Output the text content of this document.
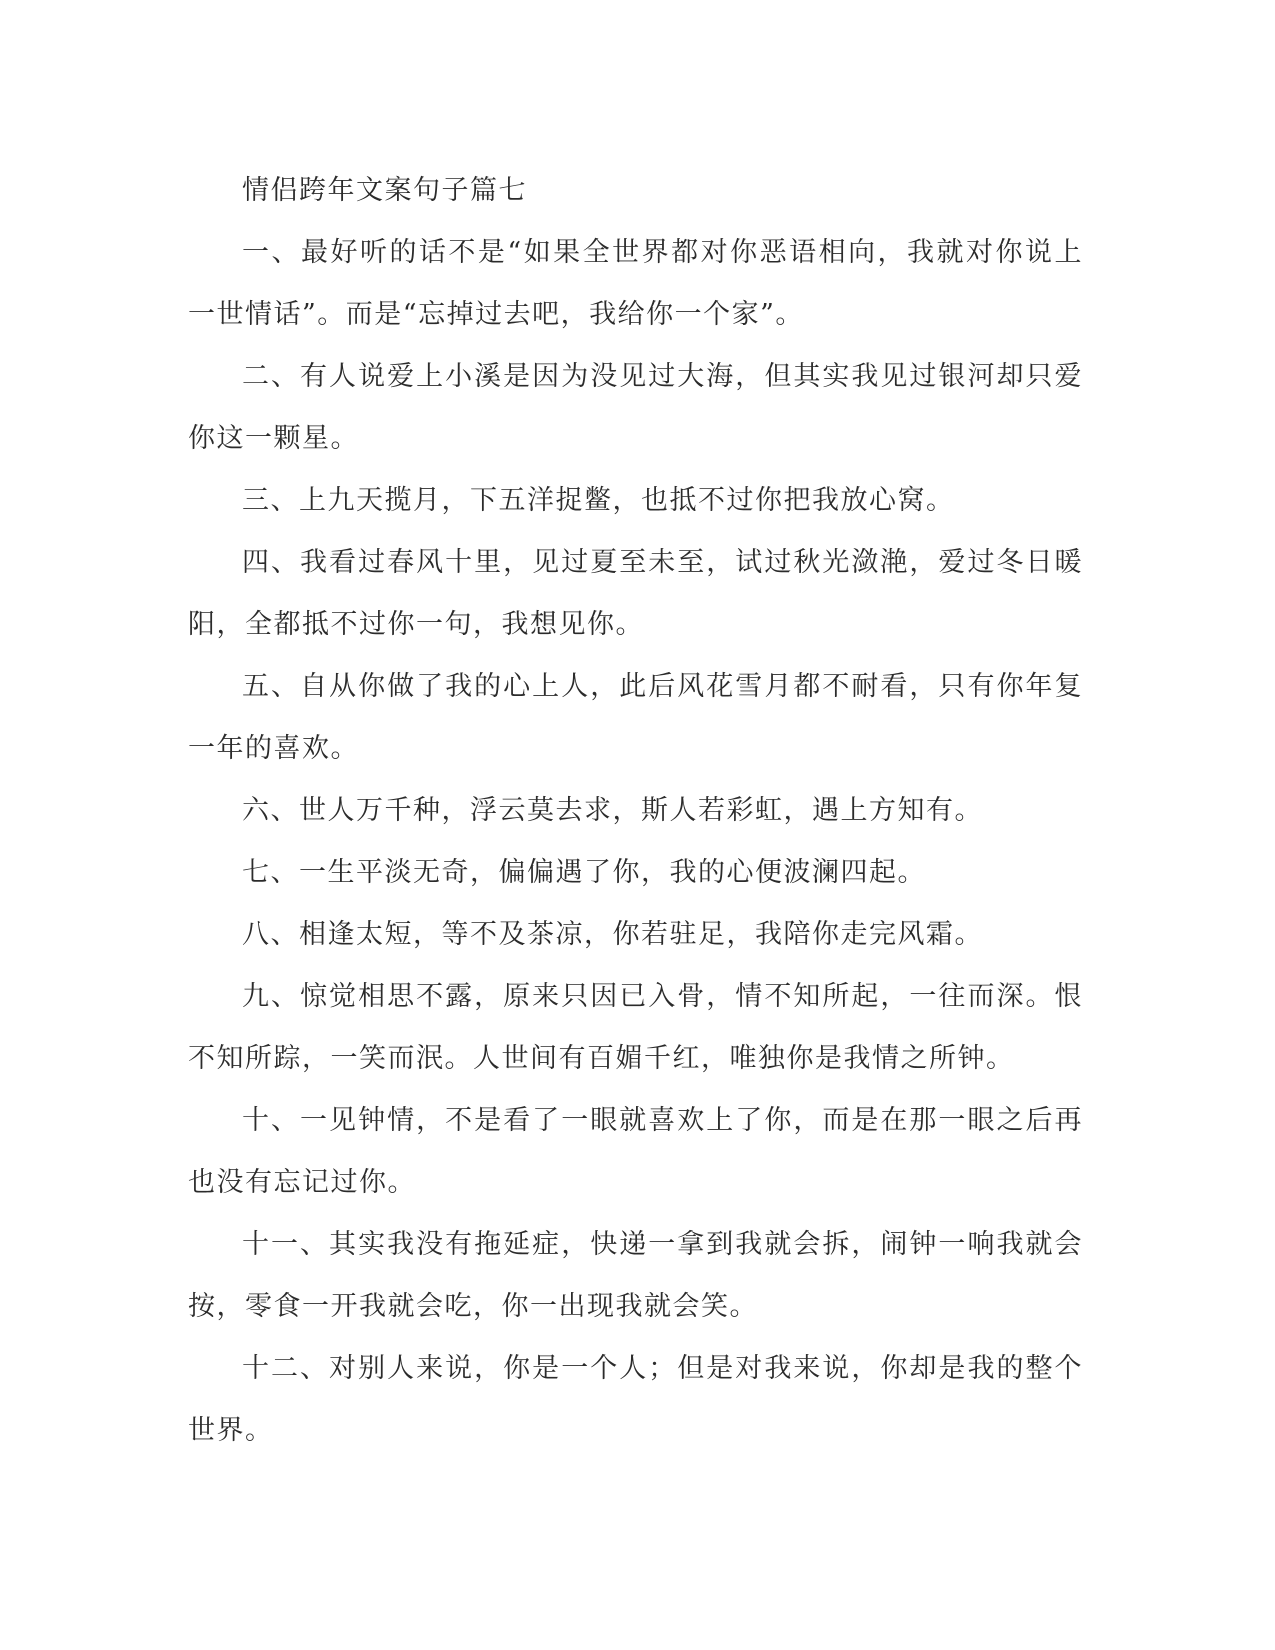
情侣跨年文案句子篇七

一、最好听的话不是“如果全世界都对你恶语相向，我就对你说上一世情话”。而是“忘掉过去吧，我给你一个家”。

二、有人说爱上小溪是因为没见过大海，但其实我见过银河却只爱你这一颗星。

三、上九天揽月，下五洋捉鳖，也抵不过你把我放心窝。

四、我看过春风十里，见过夏至未至，试过秋光潋滟，爱过冬日暖阳，全都抵不过你一句，我想见你。

五、自从你做了我的心上人，此后风花雪月都不耐看，只有你年复一年的喜欢。

六、世人万千种，浮云莫去求，斯人若彩虹，遇上方知有。

七、一生平淡无奇，偏偏遇了你，我的心便波澜四起。

八、相逢太短，等不及茶凉，你若驻足，我陪你走完风霜。

九、惊觉相思不露，原来只因已入骨，情不知所起，一往而深。恨不知所踪，一笑而泯。人世间有百媚千红，唯独你是我情之所钟。

十、一见钟情，不是看了一眼就喜欢上了你，而是在那一眼之后再也没有忘记过你。

十一、其实我没有拖延症，快递一拿到我就会拆，闹钟一响我就会按，零食一开我就会吃，你一出现我就会笑。

十二、对别人来说，你是一个人；但是对我来说，你却是我的整个世界。
